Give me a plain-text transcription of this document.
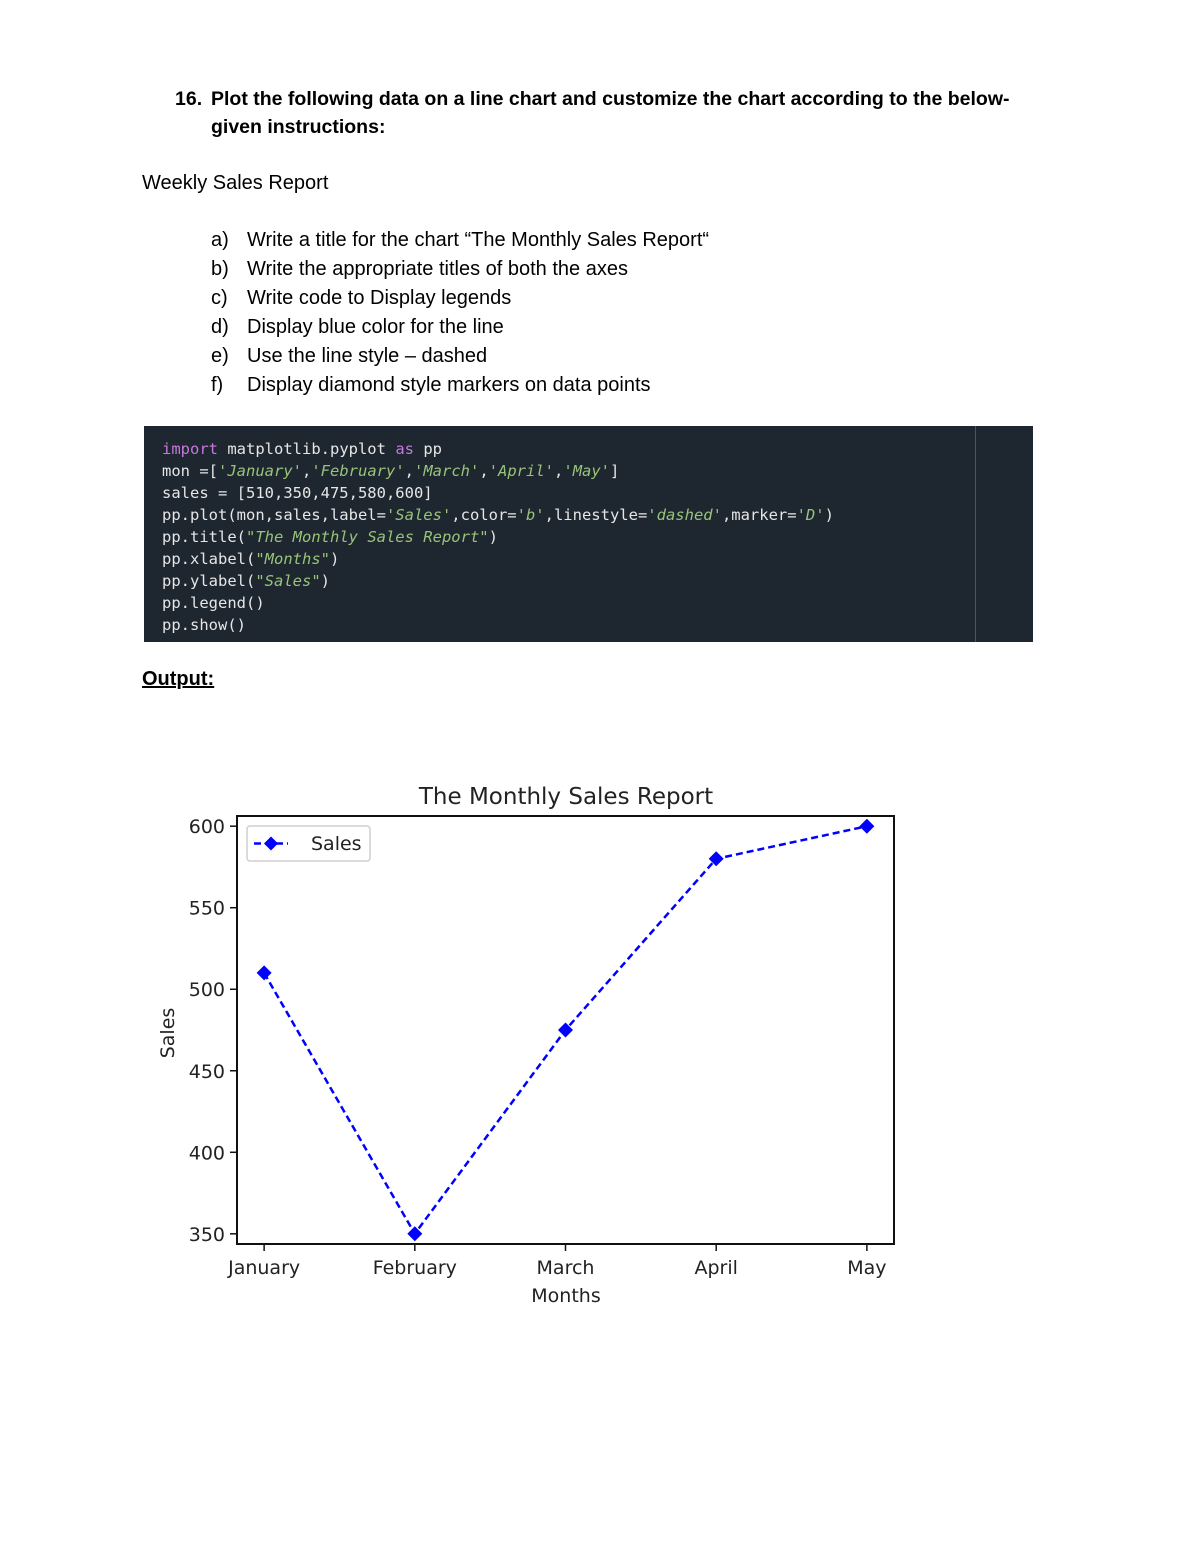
16. Plot the following data on a line chart and customize the chart according to the below-
given instructions:
Weekly Sales Report
a) Write a title for the chart “The Monthly Sales Report“
b) Write the appropriate titles of both the axes
c) Write code to Display legends
d) Display blue color for the line
e) Use the line style – dashed
f)	Display diamond style markers on data points
import matplotlib.pyplot as pp
mon =['January','February','March','April','May']
sales = [510,350,475,580,600]
pp.plot(mon,sales,label='Sales',color='b',linestyle='dashed',marker='D')
pp.title("The Monthly Sales Report")
pp.xlabel("Months")
pp.ylabel("Sales")
pp.legend()
pp.show()
Output:
The Monthly Sales Report
Months
Sales
350
400
450
500
550
600
January	February	March	April	May
Sales
